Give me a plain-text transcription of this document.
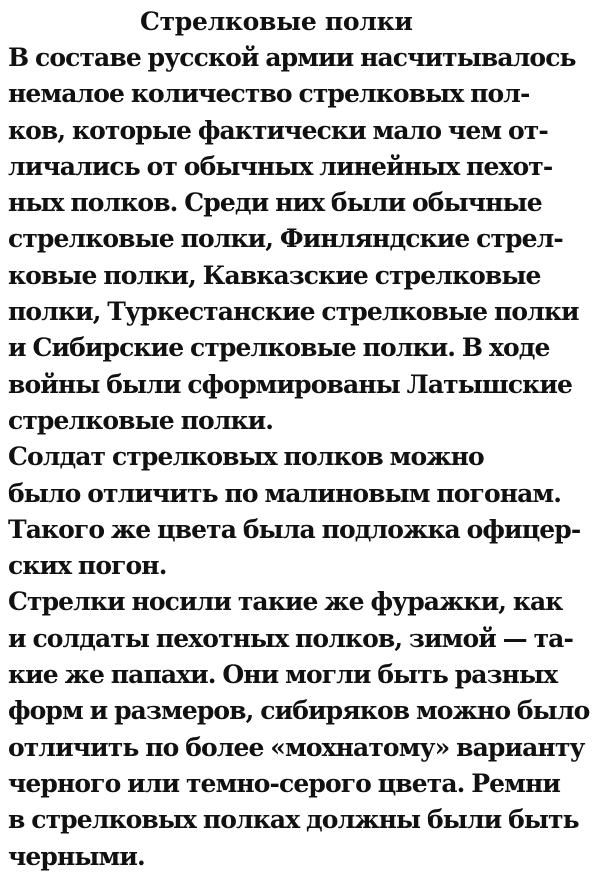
Стрелковые полки
В составе русской армии насчитывалось
немалое количество стрелковых пол-
ков, которые фактически мало чем от-
личались от обычных линейных пехот-
ных полков. Среди них были обычные
стрелковые полки, Финляндские стрел-
ковые полки, Кавказские стрелковые
полки, Туркестанские стрелковые полки
и Сибирские стрелковые полки. В ходе
войны были сформированы Латышские
стрелковые полки.
Солдат стрелковых полков можно
было отличить по малиновым погонам.
Такого же цвета была подложка офицер-
ских погон.
Стрелки носили такие же фуражки, как
и солдаты пехотных полков, зимой — та-
кие же папахи. Они могли быть разных
форм и размеров, сибиряков можно было
отличить по более «мохнатому» варианту
черного или темно-серого цвета. Ремни
в стрелковых полках должны были быть
черными.
